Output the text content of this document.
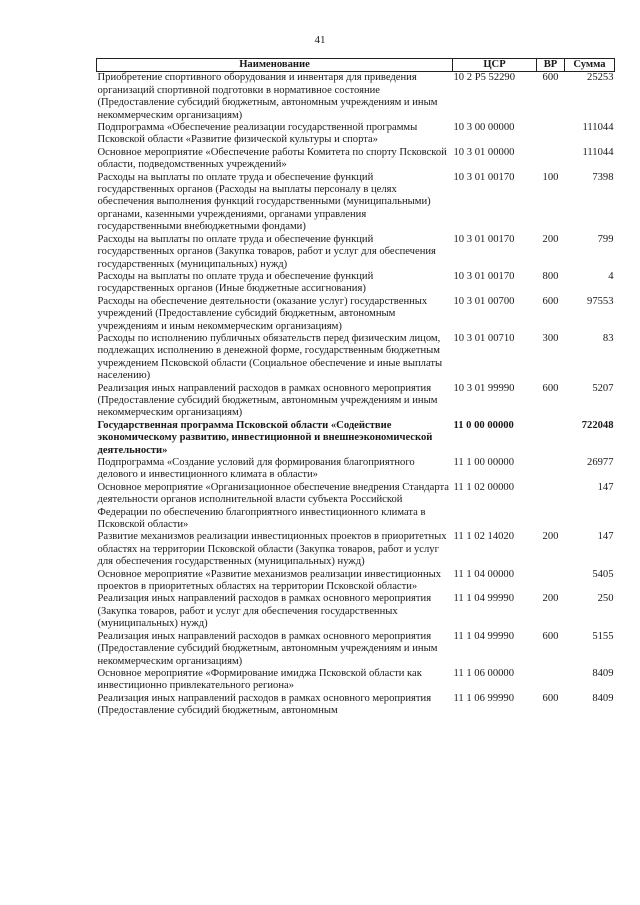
41
Наименование	ЦСР	ВР	Сумма
Приобретение спортивного оборудования и инвентаря для приведения организаций спортивной подготовки в нормативное состояние (Предоставление субсидий бюджетным, автономным учреждениям и иным некоммерческим организациям)	10 2 P5 52290	600	25253
Подпрограмма «Обеспечение реализации государственной программы Псковской области «Развитие физической культуры и спорта»	10 3 00 00000		111044
Основное мероприятие «Обеспечение работы Комитета по спорту Псковской области, подведомственных учреждений»	10 3 01 00000		111044
Расходы на выплаты по оплате труда и обеспечение функций государственных органов (Расходы на выплаты персоналу в целях обеспечения выполнения функций государственными (муниципальными) органами, казенными учреждениями, органами управления государственными внебюджетными фондами)	10 3 01 00170	100	7398
Расходы на выплаты по оплате труда и обеспечение функций государственных органов (Закупка товаров, работ и услуг для обеспечения государственных (муниципальных) нужд)	10 3 01 00170	200	799
Расходы на выплаты по оплате труда и обеспечение функций государственных органов (Иные бюджетные ассигнования)	10 3 01 00170	800	4
Расходы на обеспечение деятельности (оказание услуг) государственных учреждений (Предоставление субсидий бюджетным, автономным учреждениям и иным некоммерческим организациям)	10 3 01 00700	600	97553
Расходы по исполнению публичных обязательств перед физическим лицом, подлежащих исполнению в денежной форме, государственным бюджетным учреждением Псковской области (Социальное обеспечение и иные выплаты населению)	10 3 01 00710	300	83
Реализация иных направлений расходов в рамках основного мероприятия (Предоставление субсидий бюджетным, автономным учреждениям и иным некоммерческим организациям)	10 3 01 99990	600	5207
Государственная программа Псковской области «Содействие экономическому развитию, инвестиционной и внешнеэкономической деятельности»	11 0 00 00000		722048
Подпрограмма «Создание условий для формирования благоприятного делового и инвестиционного климата в области»	11 1 00 00000		26977
Основное мероприятие «Организационное обеспечение внедрения Стандарта деятельности органов исполнительной власти субъекта Российской Федерации по обеспечению благоприятного инвестиционного климата в Псковской области»	11 1 02 00000		147
Развитие механизмов реализации инвестиционных проектов в приоритетных областях на территории Псковской области (Закупка товаров, работ и услуг для обеспечения государственных (муниципальных) нужд)	11 1 02 14020	200	147
Основное мероприятие «Развитие механизмов реализации инвестиционных проектов в приоритетных областях на территории Псковской области»	11 1 04 00000		5405
Реализация иных направлений расходов в рамках основного мероприятия (Закупка товаров, работ и услуг для обеспечения государственных (муниципальных) нужд)	11 1 04 99990	200	250
Реализация иных направлений расходов в рамках основного мероприятия (Предоставление субсидий бюджетным, автономным учреждениям и иным некоммерческим организациям)	11 1 04 99990	600	5155
Основное мероприятие «Формирование имиджа Псковской области как инвестиционно привлекательного региона»	11 1 06 00000		8409
Реализация иных направлений расходов в рамках основного мероприятия (Предоставление субсидий бюджетным, автономным	11 1 06 99990	600	8409
